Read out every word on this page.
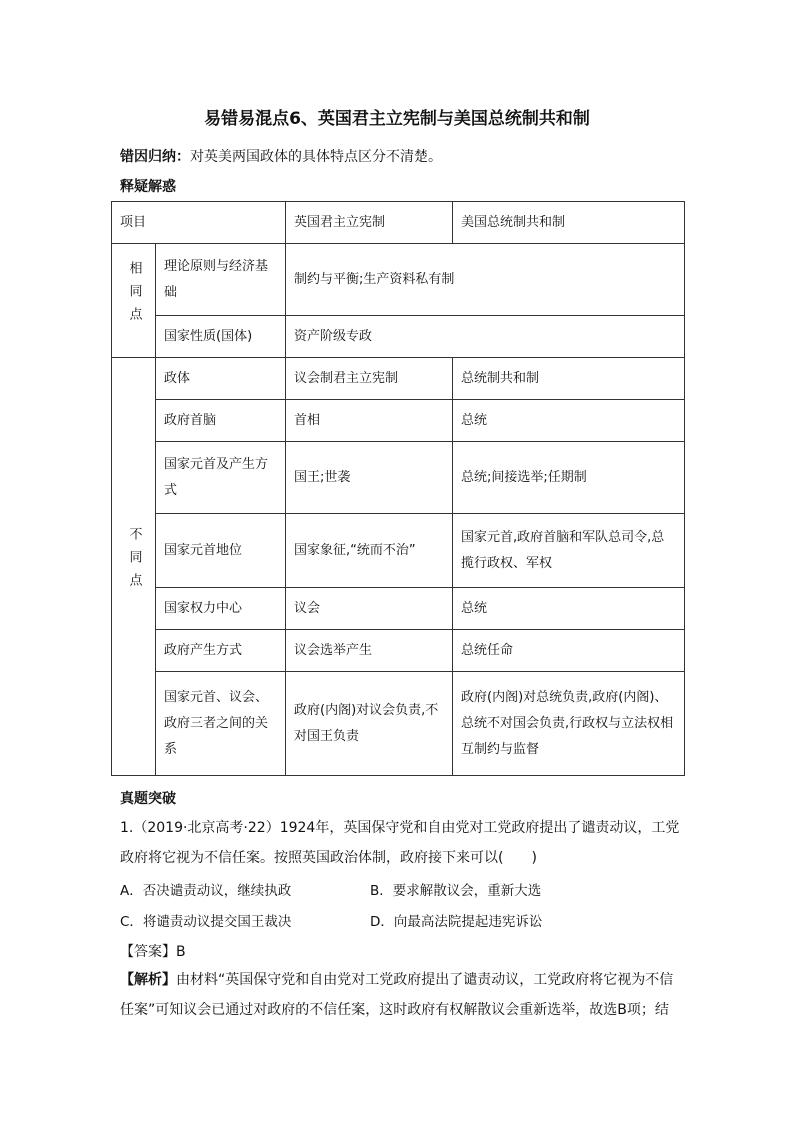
易错易混点6、英国君主立宪制与美国总统制共和制
错因归纳：对英美两国政体的具体特点区分不清楚。
释疑解惑
项目		英国君主立宪制	美国总统制共和制
相同点	理论原则与经济基础	制约与平衡;生产资料私有制	
	国家性质(国体)	资产阶级专政	
不同点	政体	议会制君主立宪制	总统制共和制
	政府首脑	首相	总统
	国家元首及产生方式	国王;世袭	总统;间接选举;任期制
	国家元首地位	国家象征,“统而不治”	国家元首,政府首脑和军队总司令,总揽行政权、军权
	国家权力中心	议会	总统
	政府产生方式	议会选举产生	总统任命
	国家元首、议会、政府三者之间的关系	政府(内阁)对议会负责,不对国王负责	政府(内阁)对总统负责,政府(内阁)、总统不对国会负责,行政权与立法权相互制约与监督
真题突破
1.（2019·北京高考·22）1924年，英国保守党和自由党对工党政府提出了谴责动议，工党政府将它视为不信任案。按照英国政治体制，政府接下来可以(　　)
A．否决谴责动议，继续执政	B．要求解散议会，重新大选
C．将谴责动议提交国王裁决	D．向最高法院提起违宪诉讼
【答案】B
【解析】由材料“英国保守党和自由党对工党政府提出了谴责动议，工党政府将它视为不信任案”可知议会已通过对政府的不信任案，这时政府有权解散议会重新选举，故选B项；结
